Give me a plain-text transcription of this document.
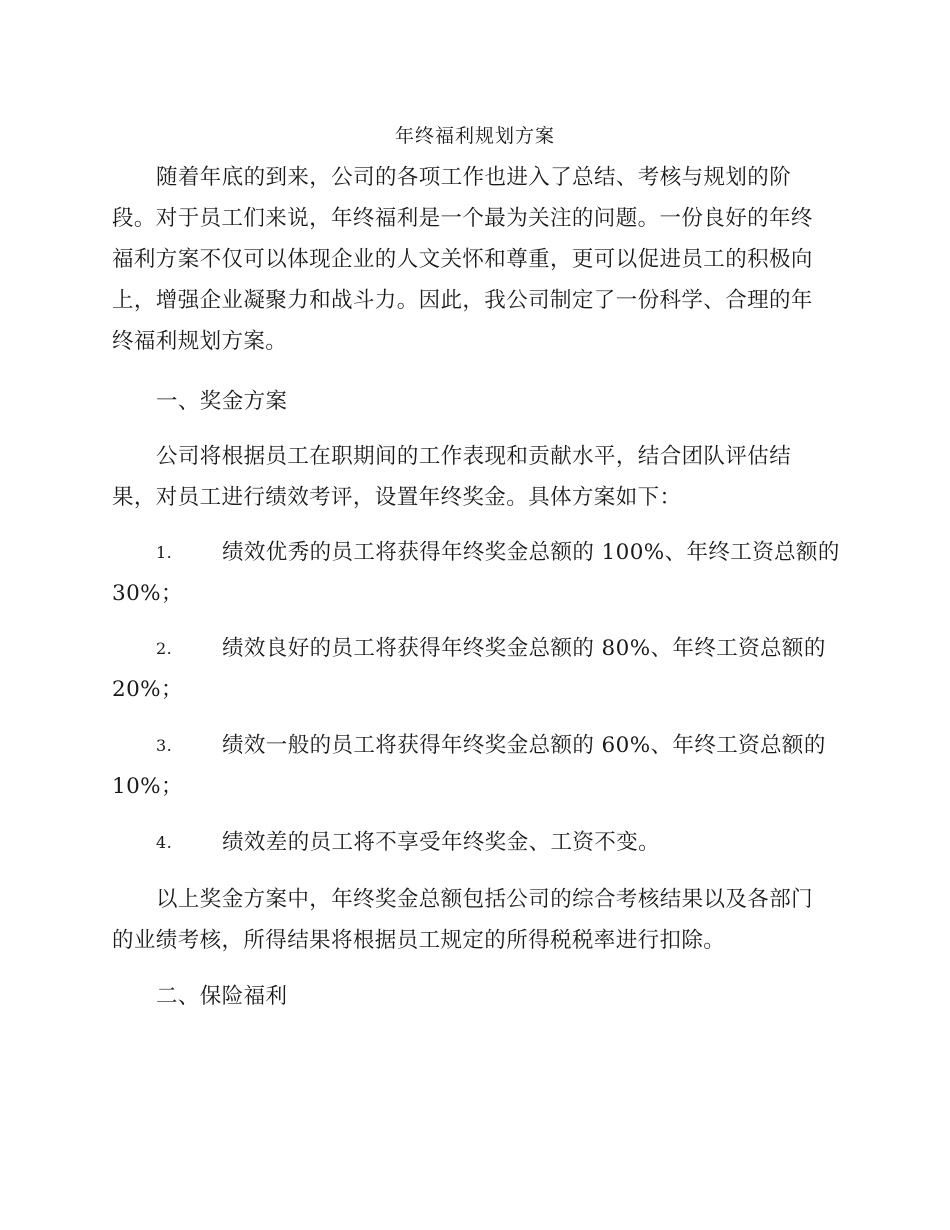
年终福利规划方案

随着年底的到来，公司的各项工作也进入了总结、考核与规划的阶段。对于员工们来说，年终福利是一个最为关注的问题。一份良好的年终福利方案不仅可以体现企业的人文关怀和尊重，更可以促进员工的积极向上，增强企业凝聚力和战斗力。因此，我公司制定了一份科学、合理的年终福利规划方案。

一、奖金方案

公司将根据员工在职期间的工作表现和贡献水平，结合团队评估结果，对员工进行绩效考评，设置年终奖金。具体方案如下：

1.	绩效优秀的员工将获得年终奖金总额的 100%、年终工资总额的
30%；
2.	绩效良好的员工将获得年终奖金总额的 80%、年终工资总额的
20%；
3.	绩效一般的员工将获得年终奖金总额的 60%、年终工资总额的
10%；
4.	绩效差的员工将不享受年终奖金、工资不变。

以上奖金方案中，年终奖金总额包括公司的综合考核结果以及各部门的业绩考核，所得结果将根据员工规定的所得税税率进行扣除。

二、保险福利
